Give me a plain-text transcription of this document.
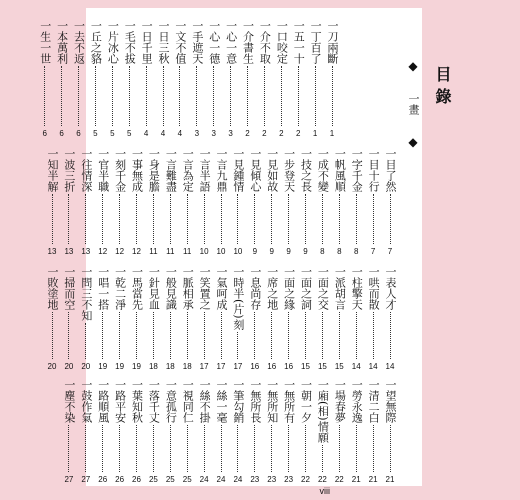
目錄
◆
一畫
◆
一刀兩斷
1
一丁百了
1
一五一十
2
一口咬定
2
一介不取
2
一介書生
2
一心一意
3
一心一德
3
一手遮天
3
一文不值
4
一日三秋
4
一日千里
4
一毛不拔
5
一片冰心
5
一丘之貉
5
一去不返
6
一本萬利
6
一生一世
6
一目了然
7
一目十行
7
一字千金
8
一帆風順
8
一成不變
8
一技之長
9
一步登天
9
一見如故
9
一見傾心
9
一見鍾情
10
一言九鼎
10
一言半語
10
一言為定
11
一言難盡
11
一身是膽
11
一事無成
12
一刻千金
12
一官半職
12
一往情深
13
一波三折
13
一知半解
13
一表人才
14
一哄而散
14
一柱擎天
14
一派胡言
15
一面之交
15
一面之詞
15
一面之緣
16
一席之地
16
一息尚存
16
一時半(片)刻
17
一氣呵成
17
一笑置之
17
一脈相承
18
一般見識
18
一針見血
18
一馬當先
19
一乾二淨
19
一唱一搭
19
一問三不知
20
一掃而空
20
一敗塗地
20
一望無際
21
一清二白
21
一勞永逸
21
一場春夢
22
一廂(相)情願
22
一朝一夕
22
一無所有
23
一無所知
23
一無所長
23
一筆勾銷
24
一絲一毫
24
一絲不掛
24
一視同仁
25
一意孤行
25
一落千丈
25
一葉知秋
26
一路平安
26
一路順風
26
一鼓作氣
27
一塵不染
27
viii
